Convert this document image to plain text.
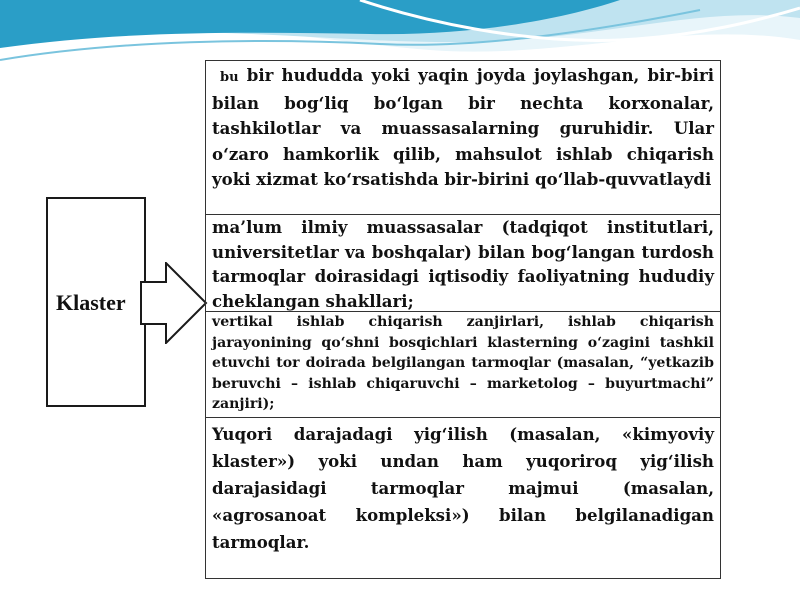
Klaster
bu bir hududda yoki yaqin joyda joylashgan, bir-biri bilan bog‘liq bo‘lgan bir nechta korxonalar, tashkilotlar va muassasalarning guruhidir. Ular o‘zaro hamkorlik qilib, mahsulot ishlab chiqarish yoki xizmat ko‘rsatishda bir-birini qo‘llab-quvvatlaydi
ma’lum ilmiy muassasalar (tadqiqot institutlari, universitetlar va boshqalar) bilan bog‘langan turdosh tarmoqlar doirasidagi iqtisodiy faoliyatning hududiy cheklangan shakllari;
vertikal ishlab chiqarish zanjirlari, ishlab chiqarish jarayonining qo‘shni bosqichlari klasterning o‘zagini tashkil etuvchi tor doirada belgilangan tarmoqlar (masalan, “yetkazib beruvchi – ishlab chiqaruvchi – marketolog – buyurtmachi” zanjiri);
Yuqori darajadagi yig‘ilish (masalan, «kimyoviy klaster») yoki undan ham yuqoriroq yig‘ilish darajasidagi tarmoqlar majmui (masalan, «agrosanoat kompleksi») bilan belgilanadigan tarmoqlar.
